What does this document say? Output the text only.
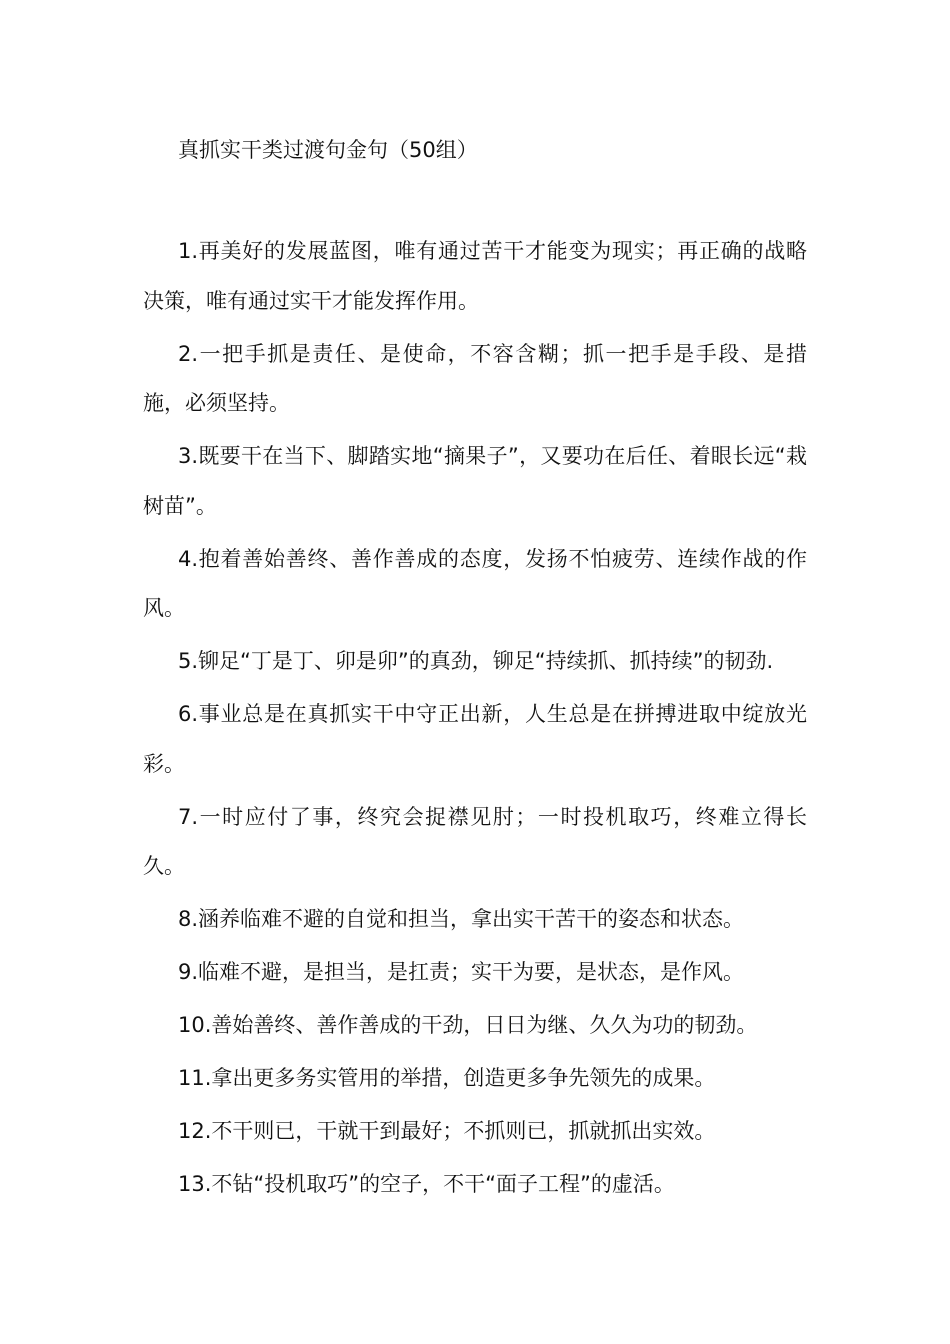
真抓实干类过渡句金句（50组）

1.再美好的发展蓝图，唯有通过苦干才能变为现实；再正确的战略决策，唯有通过实干才能发挥作用。

2.一把手抓是责任、是使命，不容含糊；抓一把手是手段、是措施，必须坚持。

3.既要干在当下、脚踏实地“摘果子”，又要功在后任、着眼长远“栽树苗”。

4.抱着善始善终、善作善成的态度，发扬不怕疲劳、连续作战的作风。

5.铆足“丁是丁、卯是卯”的真劲，铆足“持续抓、抓持续”的韧劲.

6.事业总是在真抓实干中守正出新，人生总是在拼搏进取中绽放光彩。

7.一时应付了事，终究会捉襟见肘；一时投机取巧，终难立得长久。

8.涵养临难不避的自觉和担当，拿出实干苦干的姿态和状态。

9.临难不避，是担当，是扛责；实干为要，是状态，是作风。

10.善始善终、善作善成的干劲，日日为继、久久为功的韧劲。

11.拿出更多务实管用的举措，创造更多争先领先的成果。

12.不干则已，干就干到最好；不抓则已，抓就抓出实效。

13.不钻“投机取巧”的空子，不干“面子工程”的虚活。
